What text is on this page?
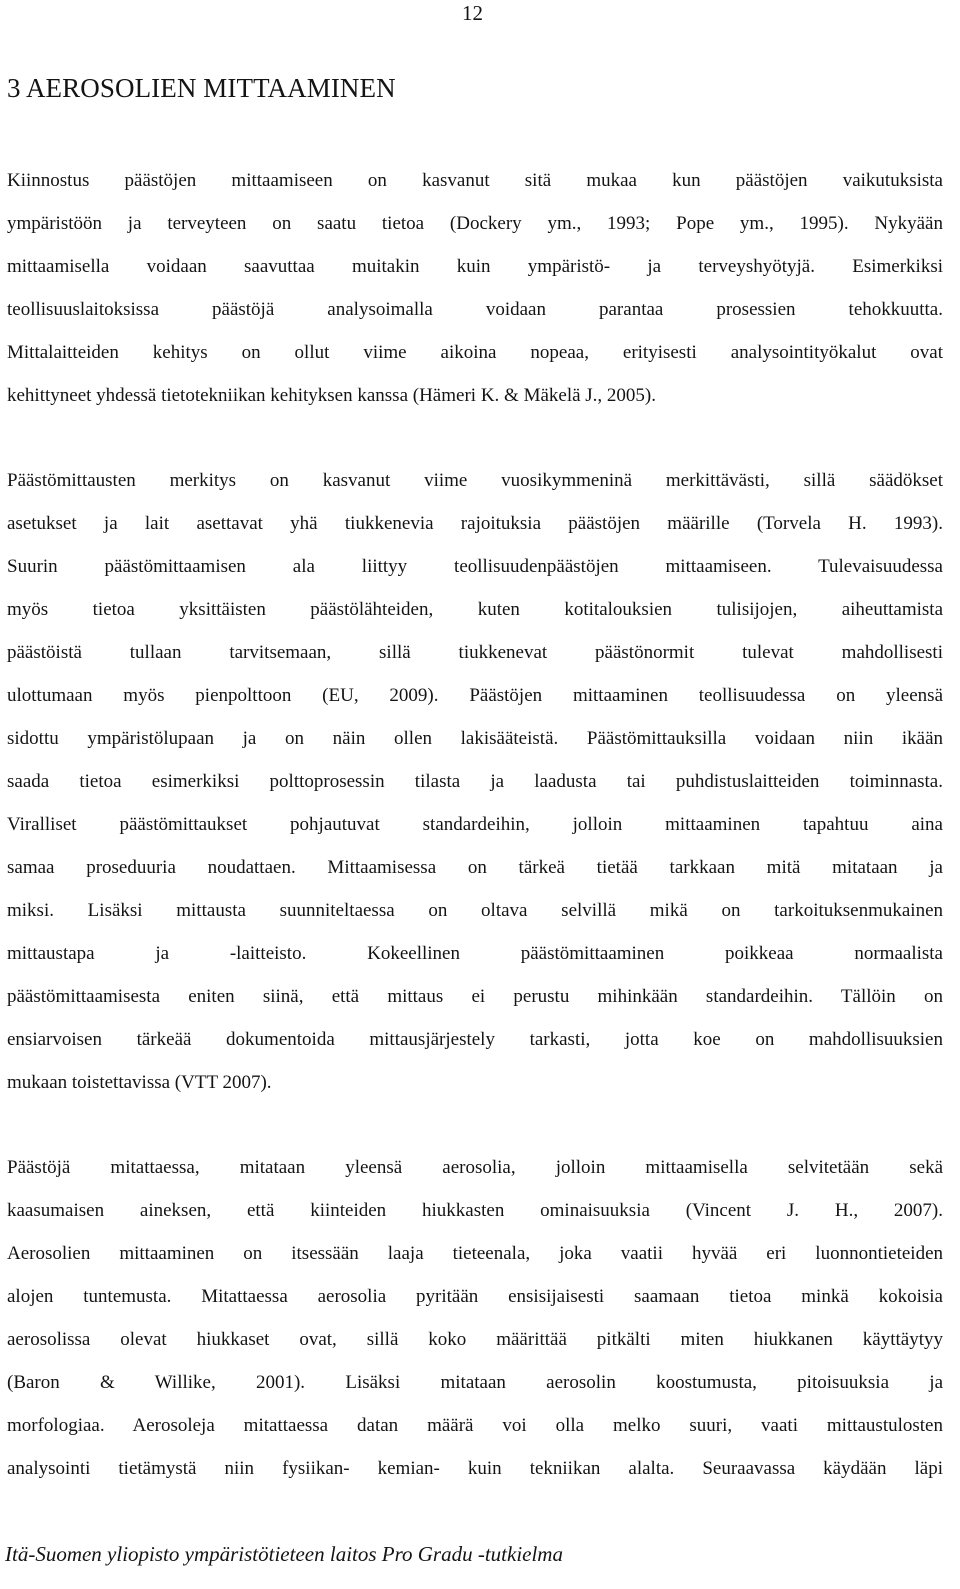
12
3 AEROSOLIEN MITTAAMINEN
Kiinnostus päästöjen mittaamiseen on kasvanut sitä mukaa kun päästöjen vaikutuksista
ympäristöön ja terveyteen on saatu tietoa (Dockery ym., 1993; Pope ym., 1995). Nykyään
mittaamisella voidaan saavuttaa muitakin kuin ympäristö- ja terveyshyötyjä. Esimerkiksi
teollisuuslaitoksissa päästöjä analysoimalla voidaan parantaa prosessien tehokkuutta.
Mittalaitteiden kehitys on ollut viime aikoina nopeaa, erityisesti analysointityökalut ovat
kehittyneet yhdessä tietotekniikan kehityksen kanssa (Hämeri K. & Mäkelä J., 2005).
Päästömittausten merkitys on kasvanut viime vuosikymmeninä merkittävästi, sillä säädökset
asetukset ja lait asettavat yhä tiukkenevia rajoituksia päästöjen määrille (Torvela H. 1993).
Suurin päästömittaamisen ala liittyy teollisuudenpäästöjen mittaamiseen. Tulevaisuudessa
myös tietoa yksittäisten päästölähteiden, kuten kotitalouksien tulisijojen, aiheuttamista
päästöistä tullaan tarvitsemaan, sillä tiukkenevat päästönormit tulevat mahdollisesti
ulottumaan myös pienpolttoon (EU, 2009). Päästöjen mittaaminen teollisuudessa on yleensä
sidottu ympäristölupaan ja on näin ollen lakisääteistä. Päästömittauksilla voidaan niin ikään
saada tietoa esimerkiksi polttoprosessin tilasta ja laadusta tai puhdistuslaitteiden toiminnasta.
Viralliset päästömittaukset pohjautuvat standardeihin, jolloin mittaaminen tapahtuu aina
samaa proseduuria noudattaen. Mittaamisessa on tärkeä tietää tarkkaan mitä mitataan ja
miksi. Lisäksi mittausta suunniteltaessa on oltava selvillä mikä on tarkoituksenmukainen
mittaustapa ja -laitteisto. Kokeellinen päästömittaaminen poikkeaa normaalista
päästömittaamisesta eniten siinä, että mittaus ei perustu mihinkään standardeihin. Tällöin on
ensiarvoisen tärkeää dokumentoida mittausjärjestely tarkasti, jotta koe on mahdollisuuksien
mukaan toistettavissa (VTT 2007).
Päästöjä mitattaessa, mitataan yleensä aerosolia, jolloin mittaamisella selvitetään sekä
kaasumaisen aineksen, että kiinteiden hiukkasten ominaisuuksia (Vincent J. H., 2007).
Aerosolien mittaaminen on itsessään laaja tieteenala, joka vaatii hyvää eri luonnontieteiden
alojen tuntemusta. Mitattaessa aerosolia pyritään ensisijaisesti saamaan tietoa minkä kokoisia
aerosolissa olevat hiukkaset ovat, sillä koko määrittää pitkälti miten hiukkanen käyttäytyy
(Baron & Willike, 2001). Lisäksi mitataan aerosolin koostumusta, pitoisuuksia ja
morfologiaa. Aerosoleja mitattaessa datan määrä voi olla melko suuri, vaati mittaustulosten
analysointi tietämystä niin fysiikan- kemian- kuin tekniikan alalta. Seuraavassa käydään läpi
Itä-Suomen yliopisto ympäristötieteen laitos Pro Gradu -tutkielma
